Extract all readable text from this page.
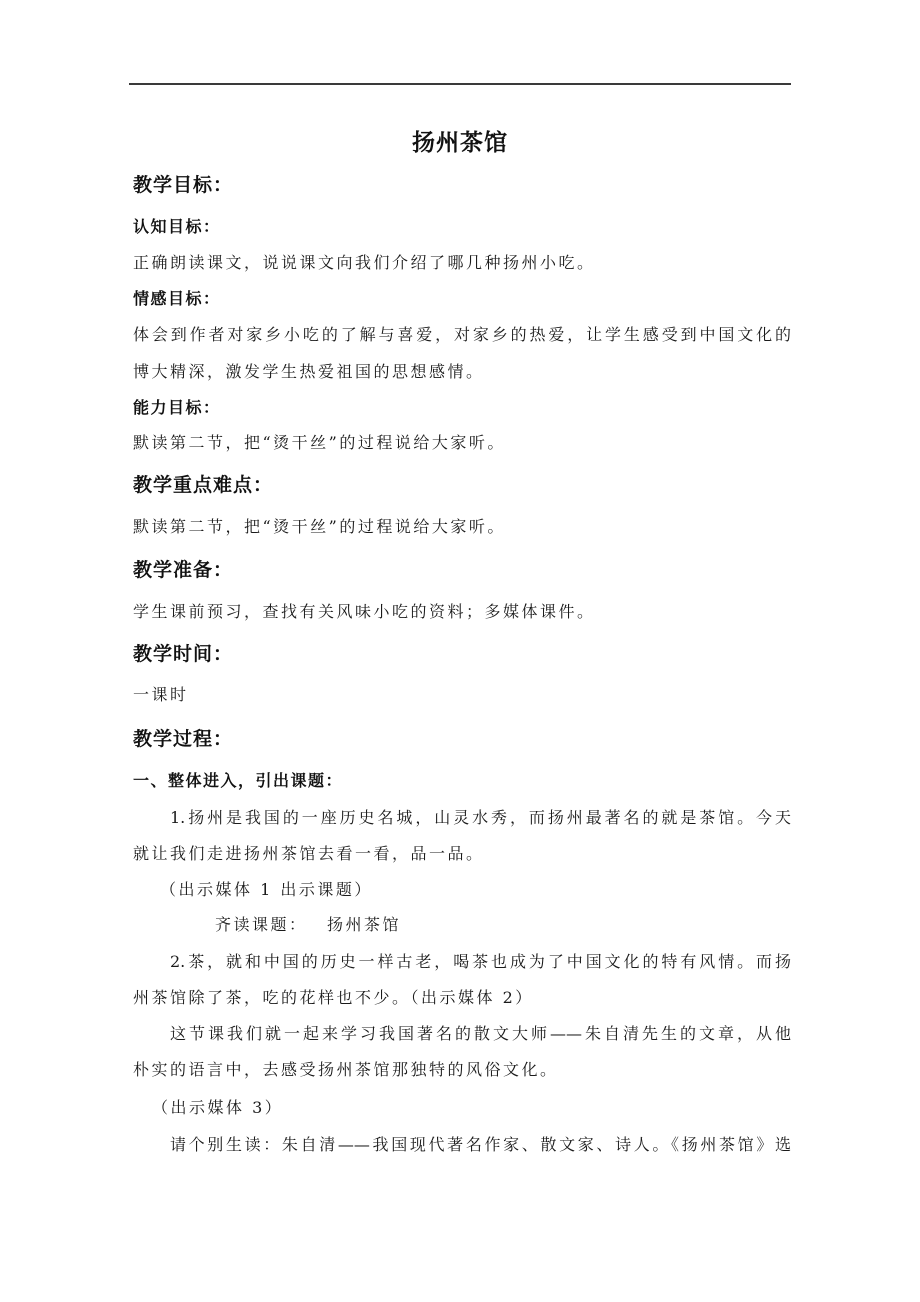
扬州茶馆
教学目标：
认知目标：
正确朗读课文，说说课文向我们介绍了哪几种扬州小吃。
情感目标：
体会到作者对家乡小吃的了解与喜爱，对家乡的热爱，让学生感受到中国文化的
博大精深，激发学生热爱祖国的思想感情。
能力目标：
默读第二节，把“烫干丝”的过程说给大家听。
教学重点难点：
默读第二节，把“烫干丝”的过程说给大家听。
教学准备：
学生课前预习，查找有关风味小吃的资料；多媒体课件。
教学时间：
一课时
教学过程：
一、整体进入，引出课题：
1.扬州是我国的一座历史名城，山灵水秀，而扬州最著名的就是茶馆。今天
就让我们走进扬州茶馆去看一看，品一品。
（出示媒体 1 出示课题）
齐读课题： 扬州茶馆
2.茶，就和中国的历史一样古老，喝茶也成为了中国文化的特有风情。而扬
州茶馆除了茶，吃的花样也不少。（出示媒体 2）
这节课我们就一起来学习我国著名的散文大师——朱自清先生的文章，从他
朴实的语言中，去感受扬州茶馆那独特的风俗文化。
（出示媒体 3）
请个别生读：朱自清——我国现代著名作家、散文家、诗人。《扬州茶馆》选
